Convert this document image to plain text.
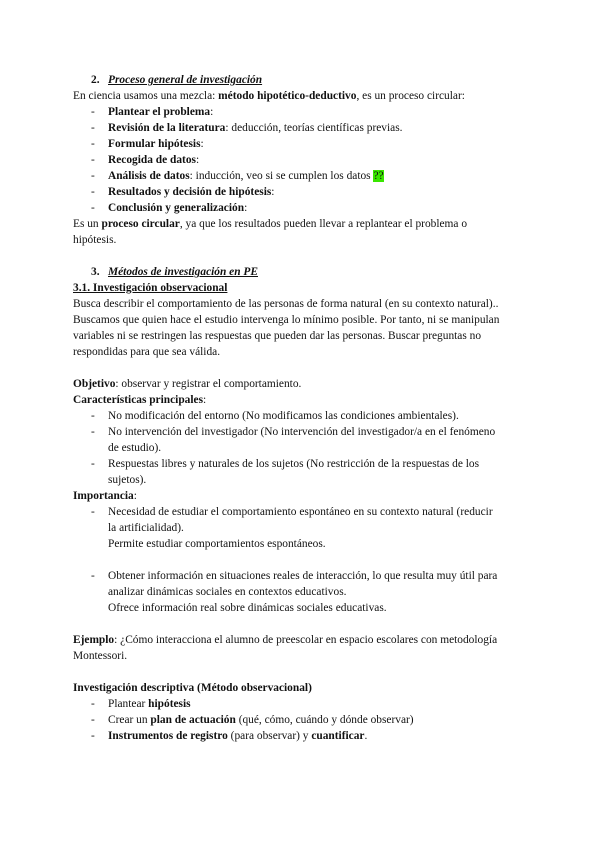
2. Proceso general de investigación
En ciencia usamos una mezcla: método hipotético-deductivo, es un proceso circular:
- Plantear el problema:
- Revisión de la literatura: deducción, teorías científicas previas.
- Formular hipótesis:
- Recogida de datos:
- Análisis de datos: inducción, veo si se cumplen los datos ??
- Resultados y decisión de hipótesis:
- Conclusión y generalización:
Es un proceso circular, ya que los resultados pueden llevar a replantear el problema o
hipótesis.
3. Métodos de investigación en PE
3.1. Investigación observacional
Busca describir el comportamiento de las personas de forma natural (en su contexto natural)..
Buscamos que quien hace el estudio intervenga lo mínimo posible. Por tanto, ni se manipulan
variables ni se restringen las respuestas que pueden dar las personas. Buscar preguntas no
respondidas para que sea válida.
Objetivo: observar y registrar el comportamiento.
Características principales:
- No modificación del entorno (No modificamos las condiciones ambientales).
- No intervención del investigador (No intervención del investigador/a en el fenómeno
de estudio).
- Respuestas libres y naturales de los sujetos (No restricción de la respuestas de los
sujetos).
Importancia:
- Necesidad de estudiar el comportamiento espontáneo en su contexto natural (reducir
la artificialidad).
Permite estudiar comportamientos espontáneos.
- Obtener información en situaciones reales de interacción, lo que resulta muy útil para
analizar dinámicas sociales en contextos educativos.
Ofrece información real sobre dinámicas sociales educativas.
Ejemplo: ¿Cómo interacciona el alumno de preescolar en espacio escolares con metodología
Montessori.
Investigación descriptiva (Método observacional)
- Plantear hipótesis
- Crear un plan de actuación (qué, cómo, cuándo y dónde observar)
- Instrumentos de registro (para observar) y cuantificar.
